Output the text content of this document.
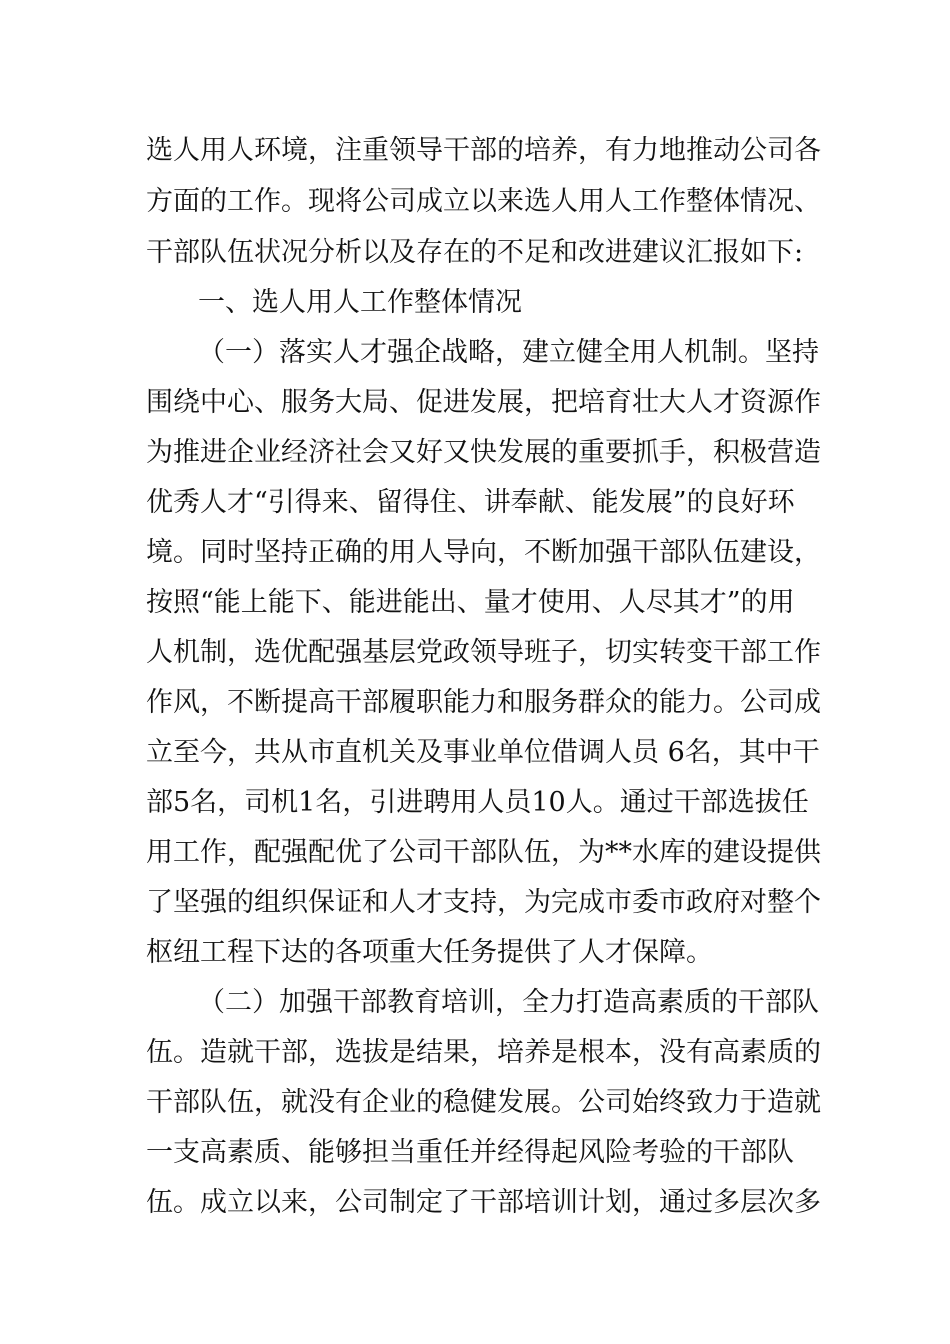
选人用人环境，注重领导干部的培养，有力地推动公司各
方面的工作。现将公司成立以来选人用人工作整体情况、
干部队伍状况分析以及存在的不足和改进建议汇报如下:
一、选人用人工作整体情况
（一）落实人才强企战略，建立健全用人机制。坚持
围绕中心、服务大局、促进发展，把培育壮大人才资源作
为推进企业经济社会又好又快发展的重要抓手，积极营造
优秀人才“引得来、留得住、讲奉献、能发展”的良好环
境。同时坚持正确的用人导向，不断加强干部队伍建设，
按照“能上能下、能进能出、量才使用、人尽其才”的用
人机制，选优配强基层党政领导班子，切实转变干部工作
作风，不断提高干部履职能力和服务群众的能力。公司成
立至今，共从市直机关及事业单位借调人员 6名，其中干
部5名，司机1名，引进聘用人员10人。通过干部选拔任
用工作，配强配优了公司干部队伍，为**水库的建设提供
了坚强的组织保证和人才支持，为完成市委市政府对整个
枢纽工程下达的各项重大任务提供了人才保障。
（二）加强干部教育培训，全力打造高素质的干部队
伍。造就干部，选拔是结果，培养是根本，没有高素质的
干部队伍，就没有企业的稳健发展。公司始终致力于造就
一支高素质、能够担当重任并经得起风险考验的干部队
伍。成立以来，公司制定了干部培训计划，通过多层次多
